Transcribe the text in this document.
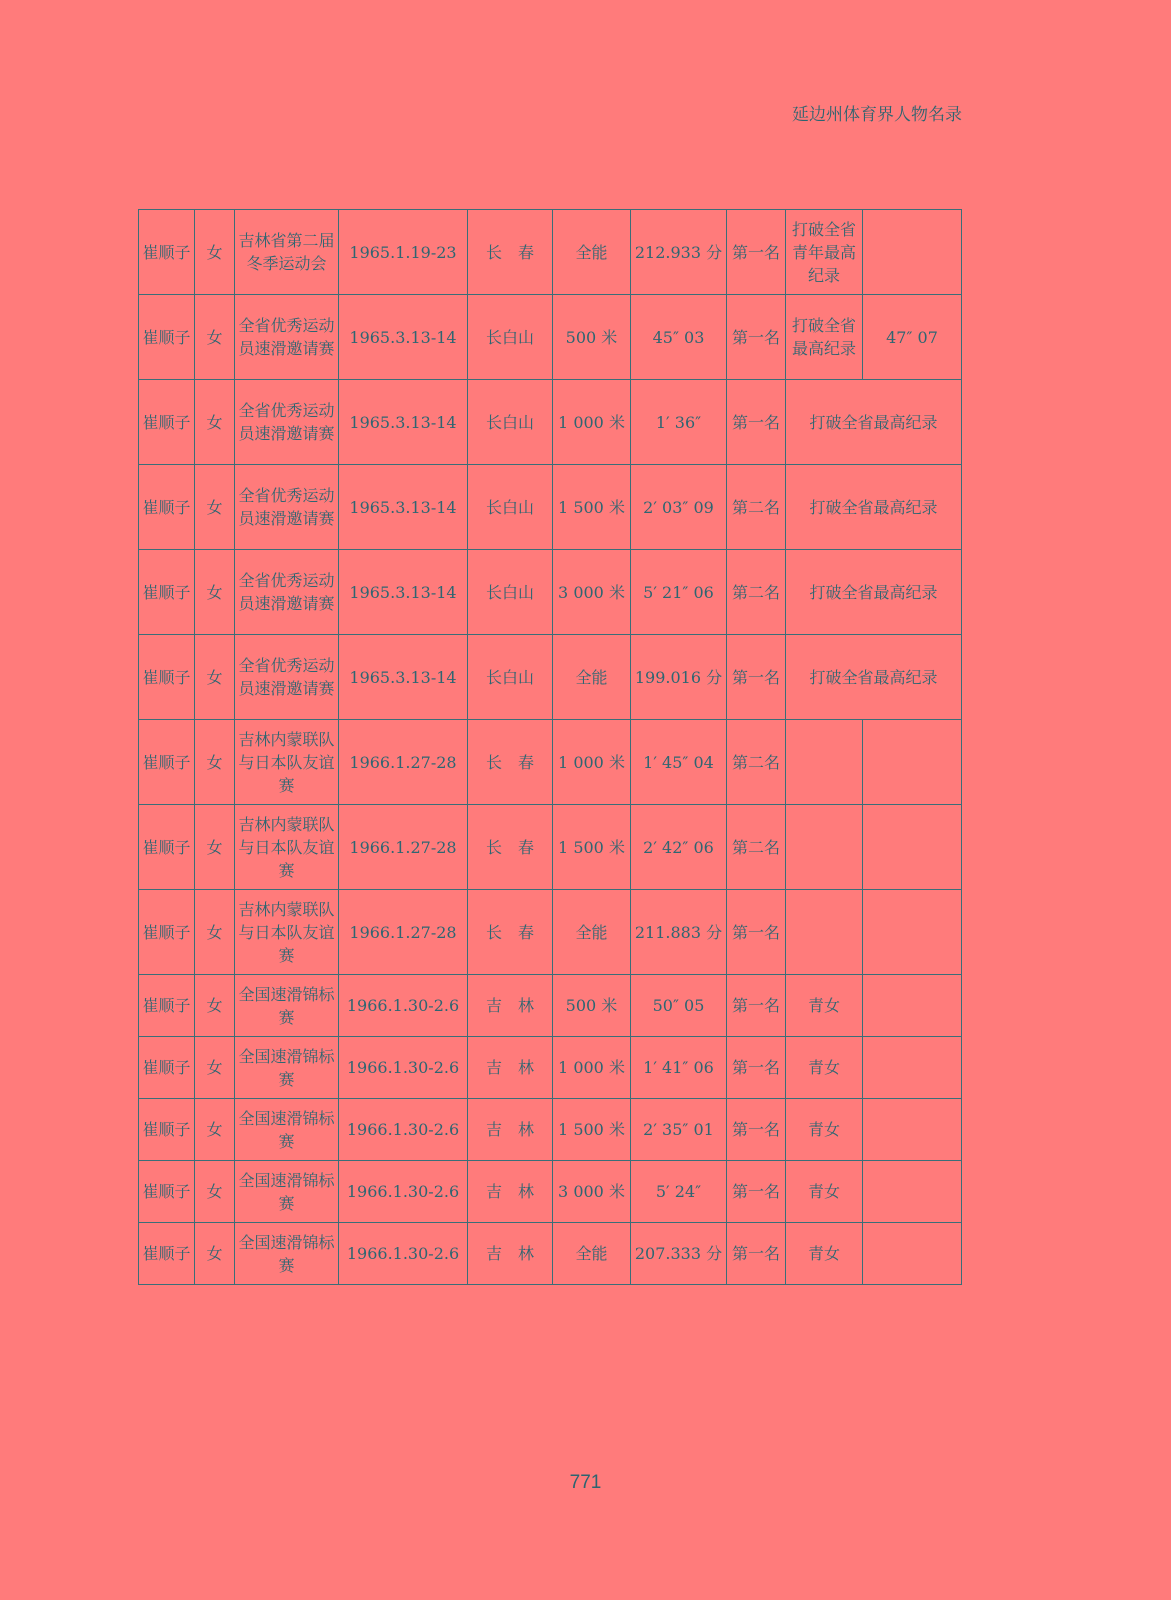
延边州体育界人物名录
崔顺子	女	吉林省第二届冬季运动会	1965.1.19-23	长　春	全能	212.933 分	第一名	打破全省青年最高纪录	
崔顺子	女	全省优秀运动员速滑邀请赛	1965.3.13-14	长白山	500 米	45″ 03	第一名	打破全省最高纪录	47″ 07
崔顺子	女	全省优秀运动员速滑邀请赛	1965.3.13-14	长白山	1 000 米	1′ 36″	第一名	打破全省最高纪录	
崔顺子	女	全省优秀运动员速滑邀请赛	1965.3.13-14	长白山	1 500 米	2′ 03″ 09	第二名	打破全省最高纪录	
崔顺子	女	全省优秀运动员速滑邀请赛	1965.3.13-14	长白山	3 000 米	5′ 21″ 06	第二名	打破全省最高纪录	
崔顺子	女	全省优秀运动员速滑邀请赛	1965.3.13-14	长白山	全能	199.016 分	第一名	打破全省最高纪录	
崔顺子	女	吉林内蒙联队与日本队友谊赛	1966.1.27-28	长　春	1 000 米	1′ 45″ 04	第二名		
崔顺子	女	吉林内蒙联队与日本队友谊赛	1966.1.27-28	长　春	1 500 米	2′ 42″ 06	第二名		
崔顺子	女	吉林内蒙联队与日本队友谊赛	1966.1.27-28	长　春	全能	211.883 分	第一名		
崔顺子	女	全国速滑锦标赛	1966.1.30-2.6	吉　林	500 米	50″ 05	第一名	青女	
崔顺子	女	全国速滑锦标赛	1966.1.30-2.6	吉　林	1 000 米	1′ 41″ 06	第一名	青女	
崔顺子	女	全国速滑锦标赛	1966.1.30-2.6	吉　林	1 500 米	2′ 35″ 01	第一名	青女	
崔顺子	女	全国速滑锦标赛	1966.1.30-2.6	吉　林	3 000 米	5′ 24″	第一名	青女	
崔顺子	女	全国速滑锦标赛	1966.1.30-2.6	吉　林	全能	207.333 分	第一名	青女	
771
